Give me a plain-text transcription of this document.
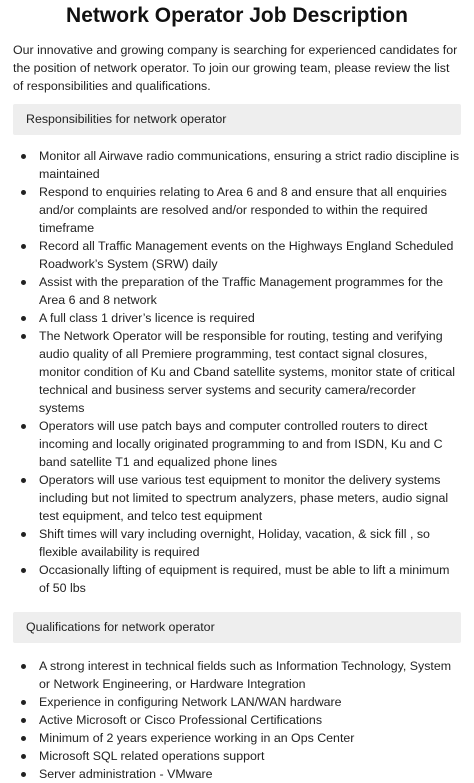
Network Operator Job Description

Our innovative and growing company is searching for experienced candidates for the position of network operator. To join our growing team, please review the list of responsibilities and qualifications.

Responsibilities for network operator
Monitor all Airwave radio communications, ensuring a strict radio discipline is maintained
Respond to enquiries relating to Area 6 and 8 and ensure that all enquiries and/or complaints are resolved and/or responded to within the required timeframe
Record all Traffic Management events on the Highways England Scheduled Roadwork’s System (SRW) daily
Assist with the preparation of the Traffic Management programmes for the Area 6 and 8 network
A full class 1 driver’s licence is required
The Network Operator will be responsible for routing, testing and verifying audio quality of all Premiere programming, test contact signal closures, monitor condition of Ku and Cband satellite systems, monitor state of critical technical and business server systems and security camera/recorder systems
Operators will use patch bays and computer controlled routers to direct incoming and locally originated programming to and from ISDN, Ku and C band satellite T1 and equalized phone lines
Operators will use various test equipment to monitor the delivery systems including but not limited to spectrum analyzers, phase meters, audio signal test equipment, and telco test equipment
Shift times will vary including overnight, Holiday, vacation, & sick fill , so flexible availability is required
Occasionally lifting of equipment is required, must be able to lift a minimum of 50 lbs
Qualifications for network operator
A strong interest in technical fields such as Information Technology, System or Network Engineering, or Hardware Integration
Experience in configuring Network LAN/WAN hardware
Active Microsoft or Cisco Professional Certifications
Minimum of 2 years experience working in an Ops Center
Microsoft SQL related operations support
Server administration - VMware
